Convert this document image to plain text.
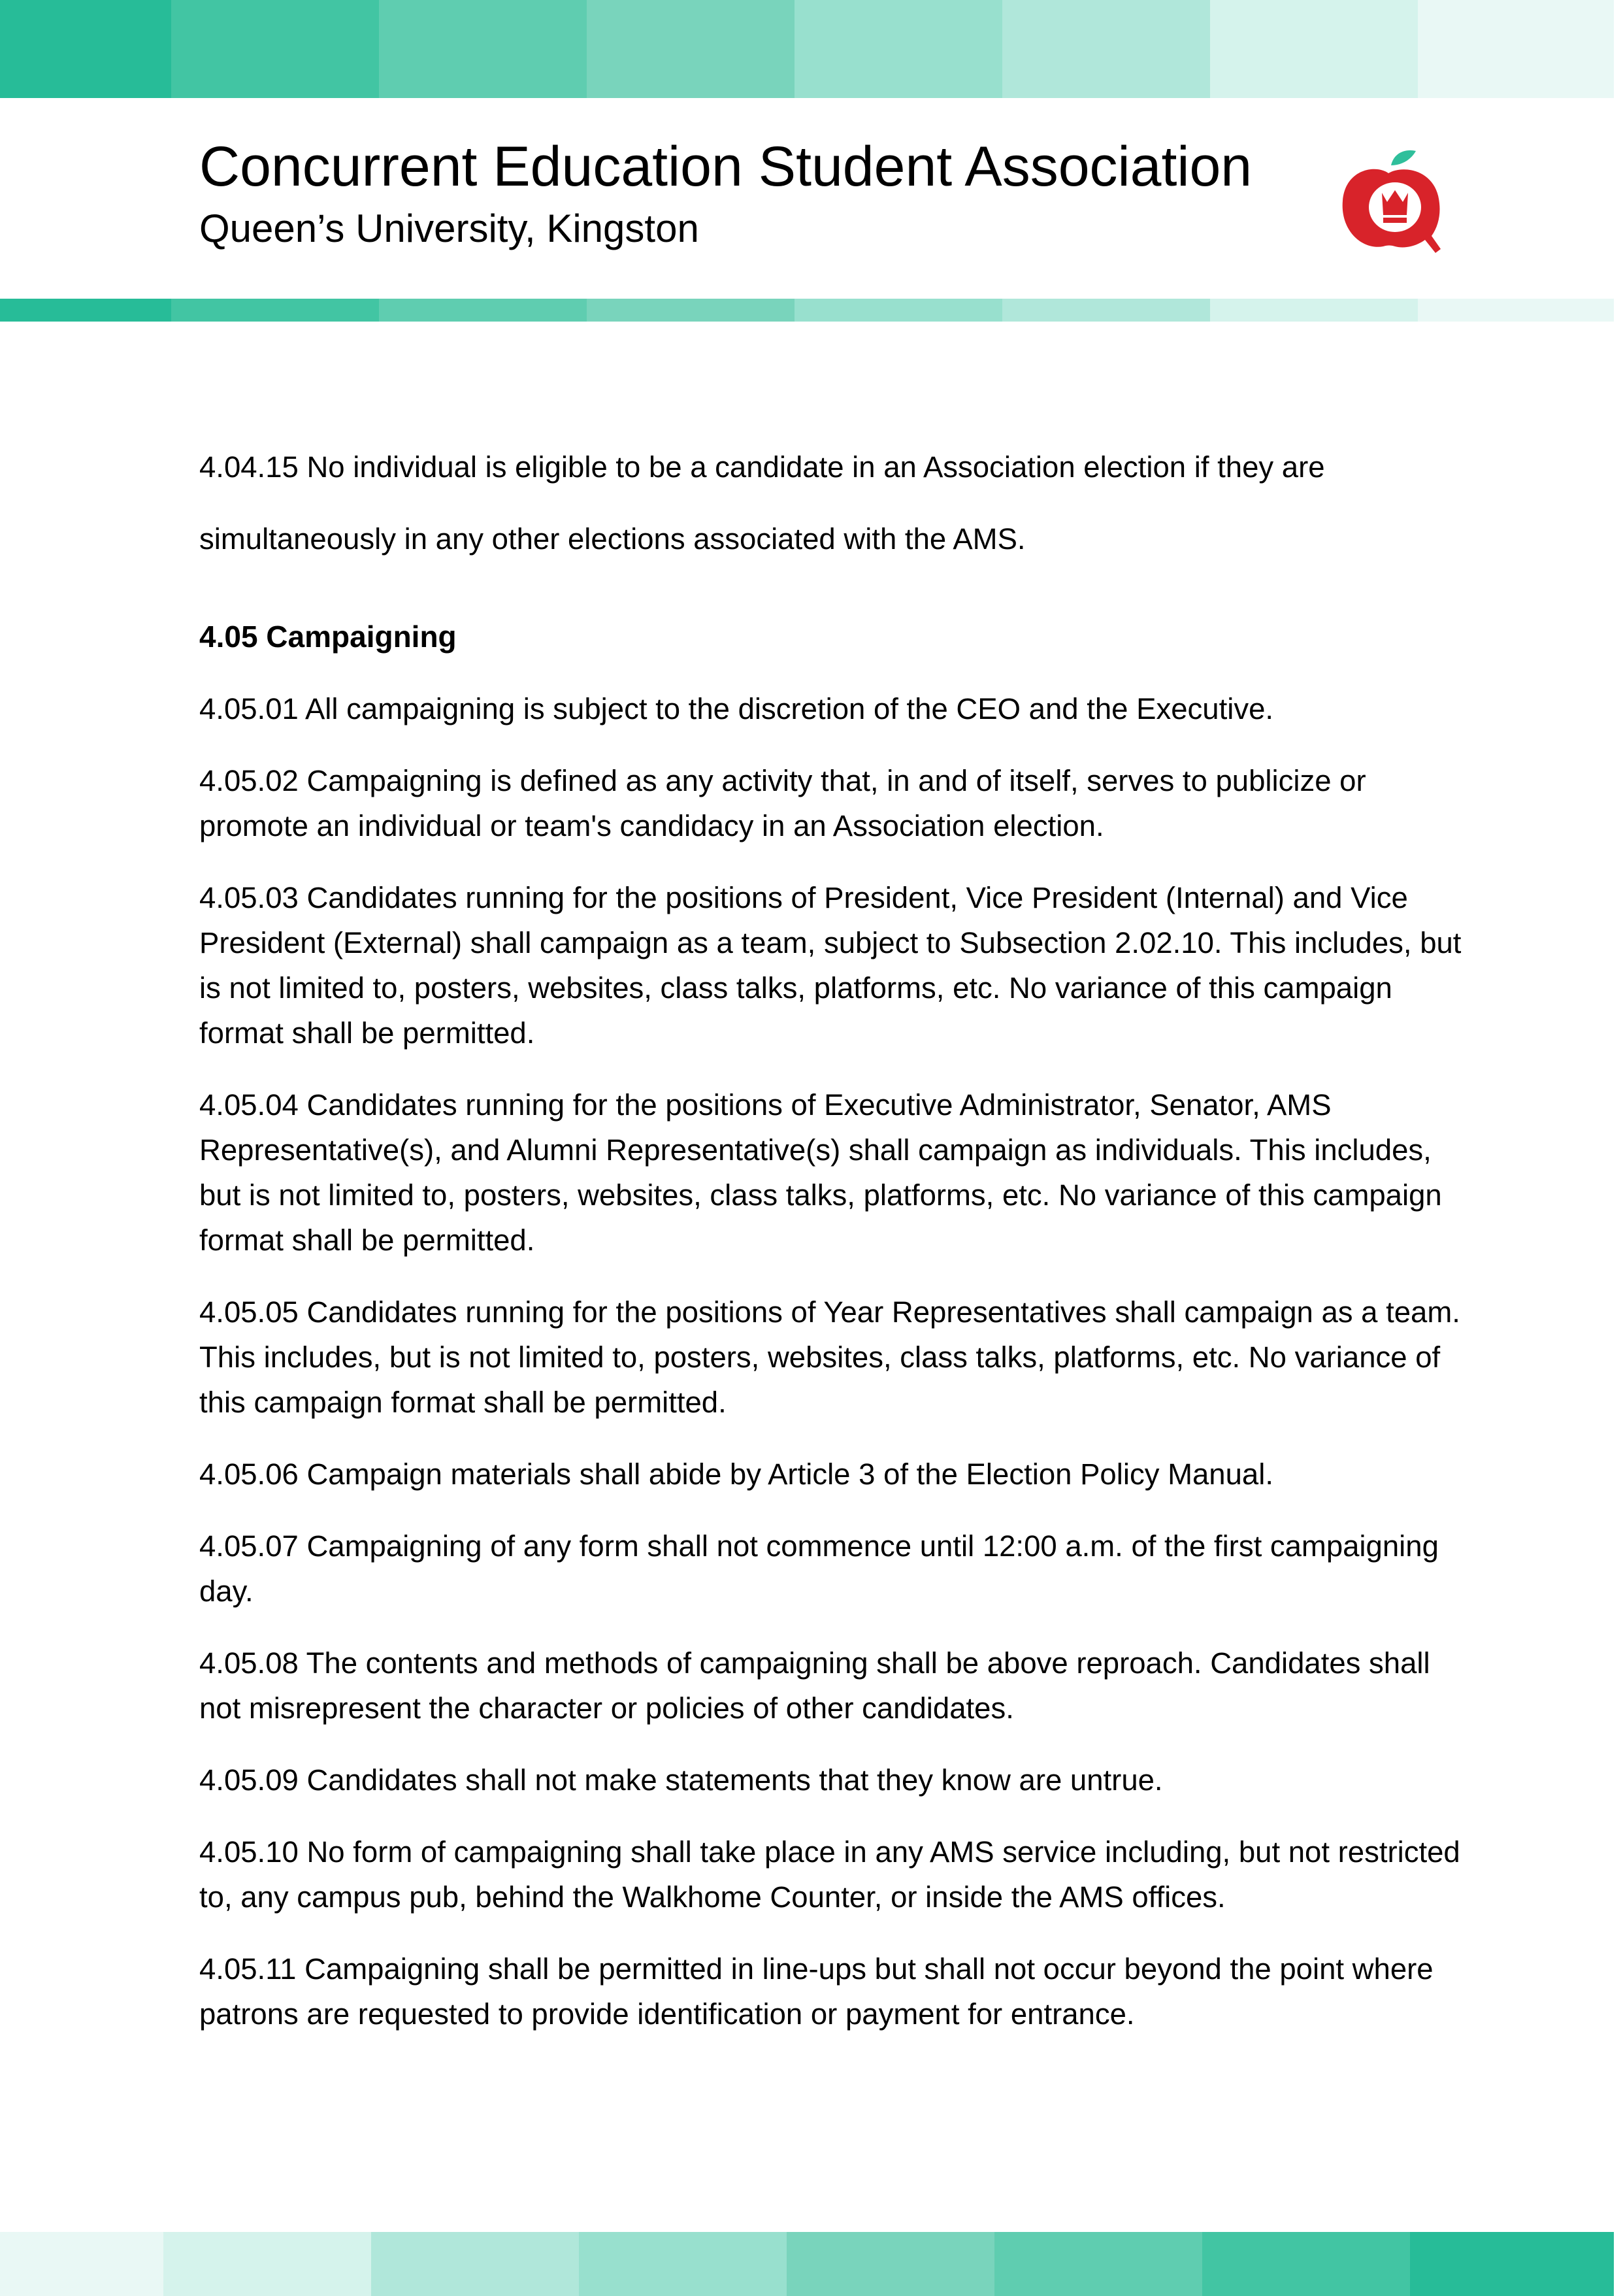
Concurrent Education Student Association
Queen’s University, Kingston

4.04.15 No individual is eligible to be a candidate in an Association election if they are simultaneously in any other elections associated with the AMS.

4.05 Campaigning

4.05.01 All campaigning is subject to the discretion of the CEO and the Executive.

4.05.02 Campaigning is defined as any activity that, in and of itself, serves to publicize or promote an individual or team's candidacy in an Association election.

4.05.03 Candidates running for the positions of President, Vice President (Internal) and Vice President (External) shall campaign as a team, subject to Subsection 2.02.10. This includes, but is not limited to, posters, websites, class talks, platforms, etc. No variance of this campaign format shall be permitted.

4.05.04 Candidates running for the positions of Executive Administrator, Senator, AMS Representative(s), and Alumni Representative(s) shall campaign as individuals. This includes, but is not limited to, posters, websites, class talks, platforms, etc. No variance of this campaign format shall be permitted.

4.05.05 Candidates running for the positions of Year Representatives shall campaign as a team. This includes, but is not limited to, posters, websites, class talks, platforms, etc. No variance of this campaign format shall be permitted.

4.05.06 Campaign materials shall abide by Article 3 of the Election Policy Manual.

4.05.07 Campaigning of any form shall not commence until 12:00 a.m. of the first campaigning day.

4.05.08 The contents and methods of campaigning shall be above reproach. Candidates shall not misrepresent the character or policies of other candidates.

4.05.09 Candidates shall not make statements that they know are untrue.

4.05.10 No form of campaigning shall take place in any AMS service including, but not restricted to, any campus pub, behind the Walkhome Counter, or inside the AMS offices.

4.05.11 Campaigning shall be permitted in line-ups but shall not occur beyond the point where patrons are requested to provide identification or payment for entrance.
